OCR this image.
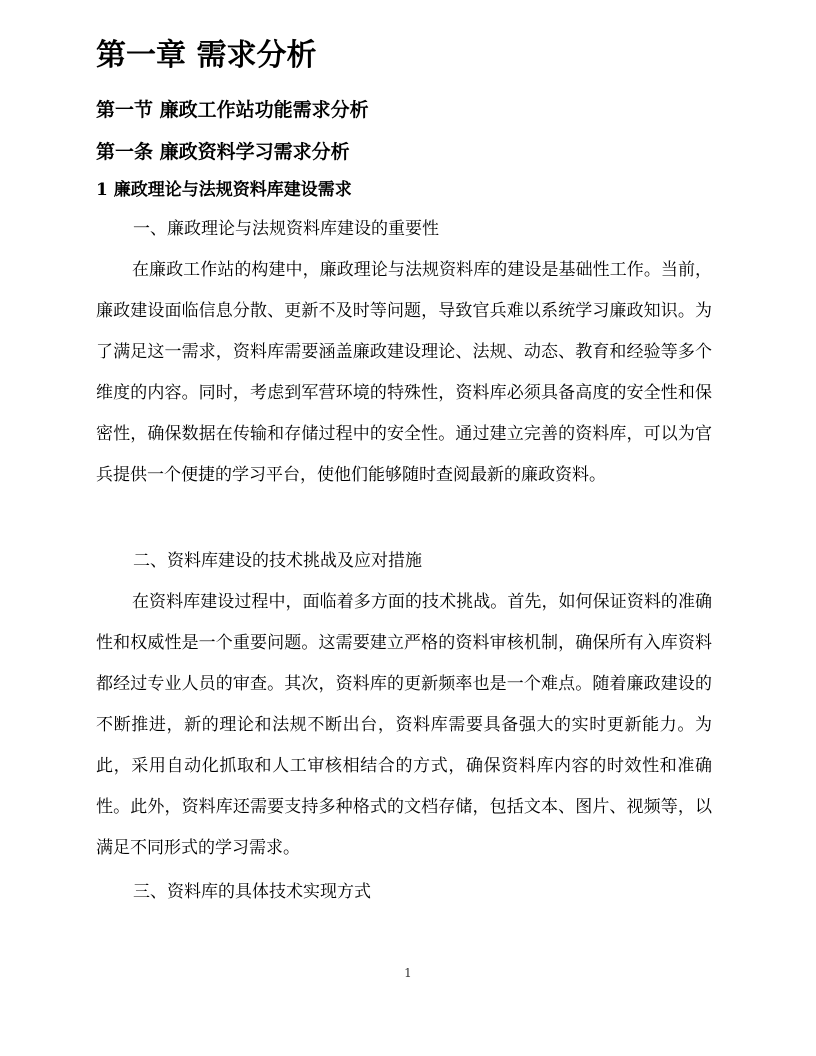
第一章 需求分析
第一节 廉政工作站功能需求分析
第一条 廉政资料学习需求分析
1 廉政理论与法规资料库建设需求
一、廉政理论与法规资料库建设的重要性
在廉政工作站的构建中，廉政理论与法规资料库的建设是基础性工作。当前，廉政建设面临信息分散、更新不及时等问题，导致官兵难以系统学习廉政知识。为了满足这一需求，资料库需要涵盖廉政建设理论、法规、动态、教育和经验等多个维度的内容。同时，考虑到军营环境的特殊性，资料库必须具备高度的安全性和保密性，确保数据在传输和存储过程中的安全性。通过建立完善的资料库，可以为官兵提供一个便捷的学习平台，使他们能够随时查阅最新的廉政资料。
二、资料库建设的技术挑战及应对措施
在资料库建设过程中，面临着多方面的技术挑战。首先，如何保证资料的准确性和权威性是一个重要问题。这需要建立严格的资料审核机制，确保所有入库资料都经过专业人员的审查。其次，资料库的更新频率也是一个难点。随着廉政建设的不断推进，新的理论和法规不断出台，资料库需要具备强大的实时更新能力。为此，采用自动化抓取和人工审核相结合的方式，确保资料库内容的时效性和准确性。此外，资料库还需要支持多种格式的文档存储，包括文本、图片、视频等，以满足不同形式的学习需求。
三、资料库的具体技术实现方式
1
